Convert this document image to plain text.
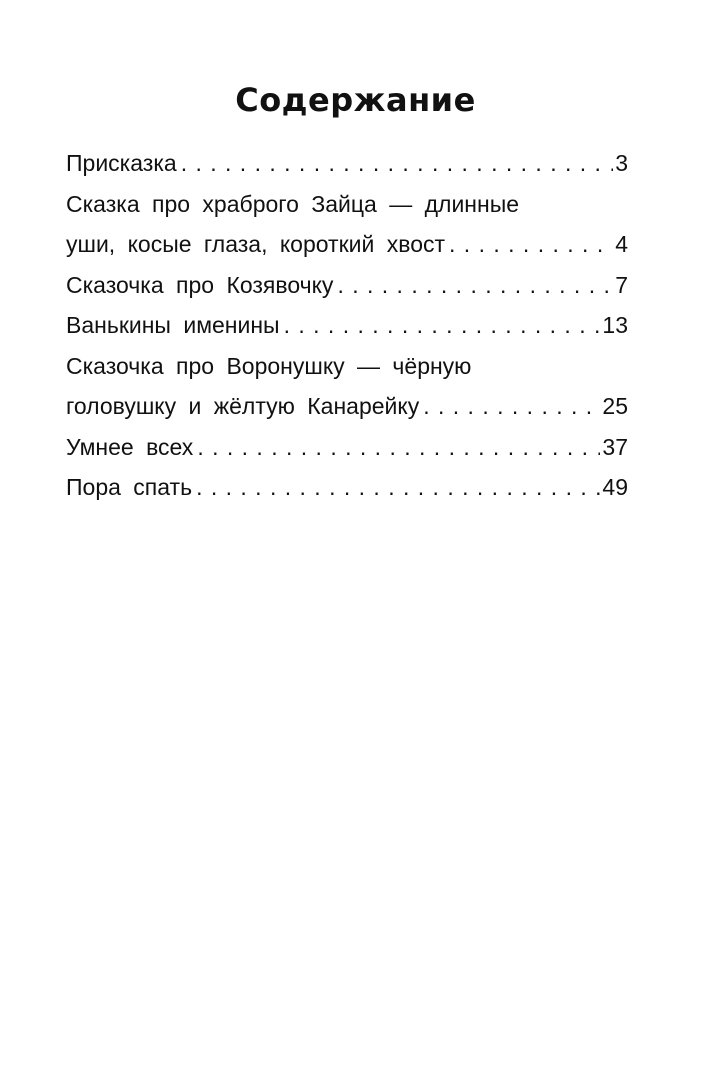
Содержание
Присказка . . .	3
Сказка про храброго Зайца — длинные
уши, косые глаза, короткий хвост . . .	4
Сказочка про Козявочку . . .	7
Ванькины именины . . .	13
Сказочка про Воронушку — чёрную
головушку и жёлтую Канарейку . . .	25
Умнее всех . . .	37
Пора спать . . .	49
